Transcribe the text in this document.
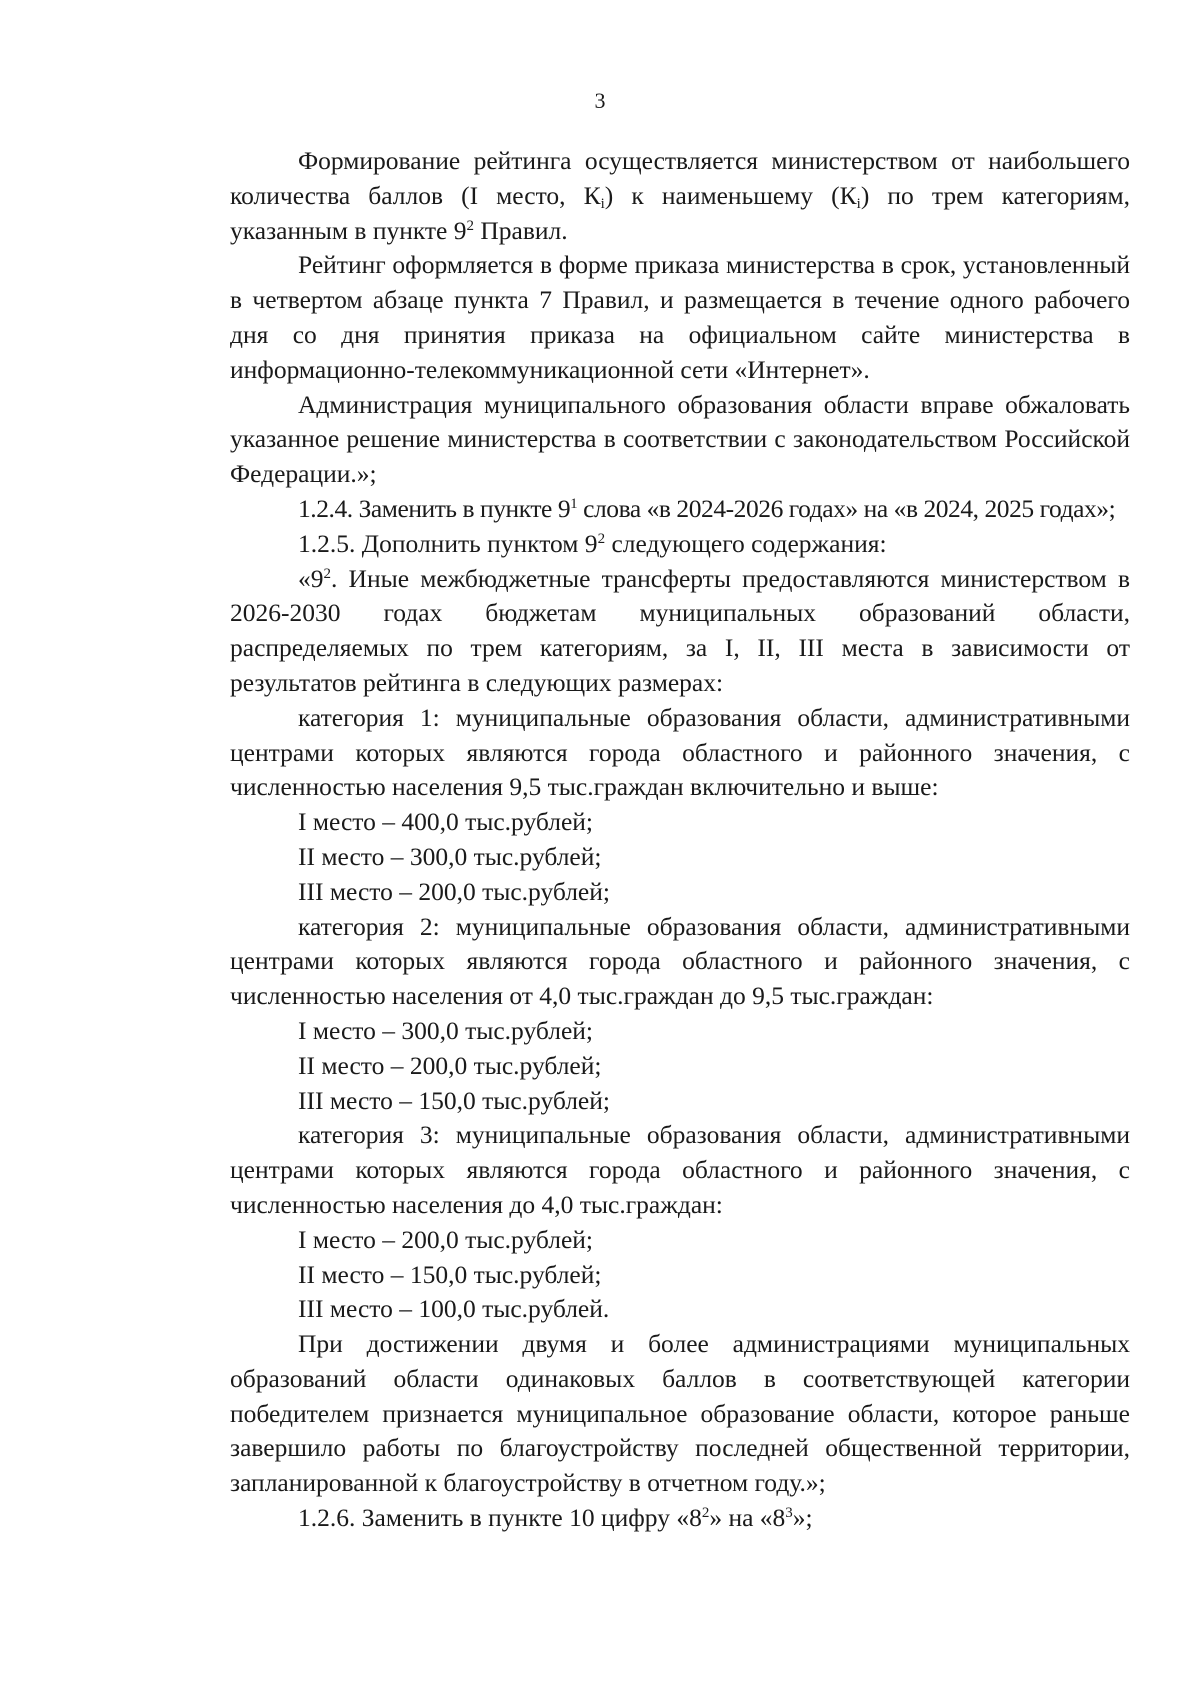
3

Формирование рейтинга осуществляется министерством от наибольшего количества баллов (I место, $К_i$) к наименьшему $(К_i)$ по трем категориям, указанным в пункте $9^2$ Правил.

Рейтинг оформляется в форме приказа министерства в срок, установленный в четвертом абзаце пункта 7 Правил, и размещается в течение одного рабочего дня со дня принятия приказа на официальном сайте министерства в информационно-телекоммуникационной сети «Интернет».

Администрация муниципального образования области вправе обжаловать указанное решение министерства в соответствии с законодательством Российской Федерации.»;

1.2.4. Заменить в пункте $9^1$ слова «в 2024-2026 годах» на «в 2024, 2025 годах»;

1.2.5. Дополнить пунктом $9^2$ следующего содержания:

«$9^2$. Иные межбюджетные трансферты предоставляются министерством в 2026-2030 годах бюджетам муниципальных образований области, распределяемых по трем категориям, за I, II, III места в зависимости от результатов рейтинга в следующих размерах:

категория 1: муниципальные образования области, административными центрами которых являются города областного и районного значения, с численностью населения 9,5 тыс.граждан включительно и выше:

I место – 400,0 тыс.рублей;

II место – 300,0 тыс.рублей;

III место – 200,0 тыс.рублей;

категория 2: муниципальные образования области, административными центрами которых являются города областного и районного значения, с численностью населения от 4,0 тыс.граждан до 9,5 тыс.граждан:

I место – 300,0 тыс.рублей;

II место – 200,0 тыс.рублей;

III место – 150,0 тыс.рублей;

категория 3: муниципальные образования области, административными центрами которых являются города областного и районного значения, с численностью населения до 4,0 тыс.граждан:

I место – 200,0 тыс.рублей;

II место – 150,0 тыс.рублей;

III место – 100,0 тыс.рублей.

При достижении двумя и более администрациями муниципальных образований области одинаковых баллов в соответствующей категории победителем признается муниципальное образование области, которое раньше завершило работы по благоустройству последней общественной территории, запланированной к благоустройству в отчетном году.»;

1.2.6. Заменить в пункте 10 цифру «$8^2$» на «$8^3$»;
